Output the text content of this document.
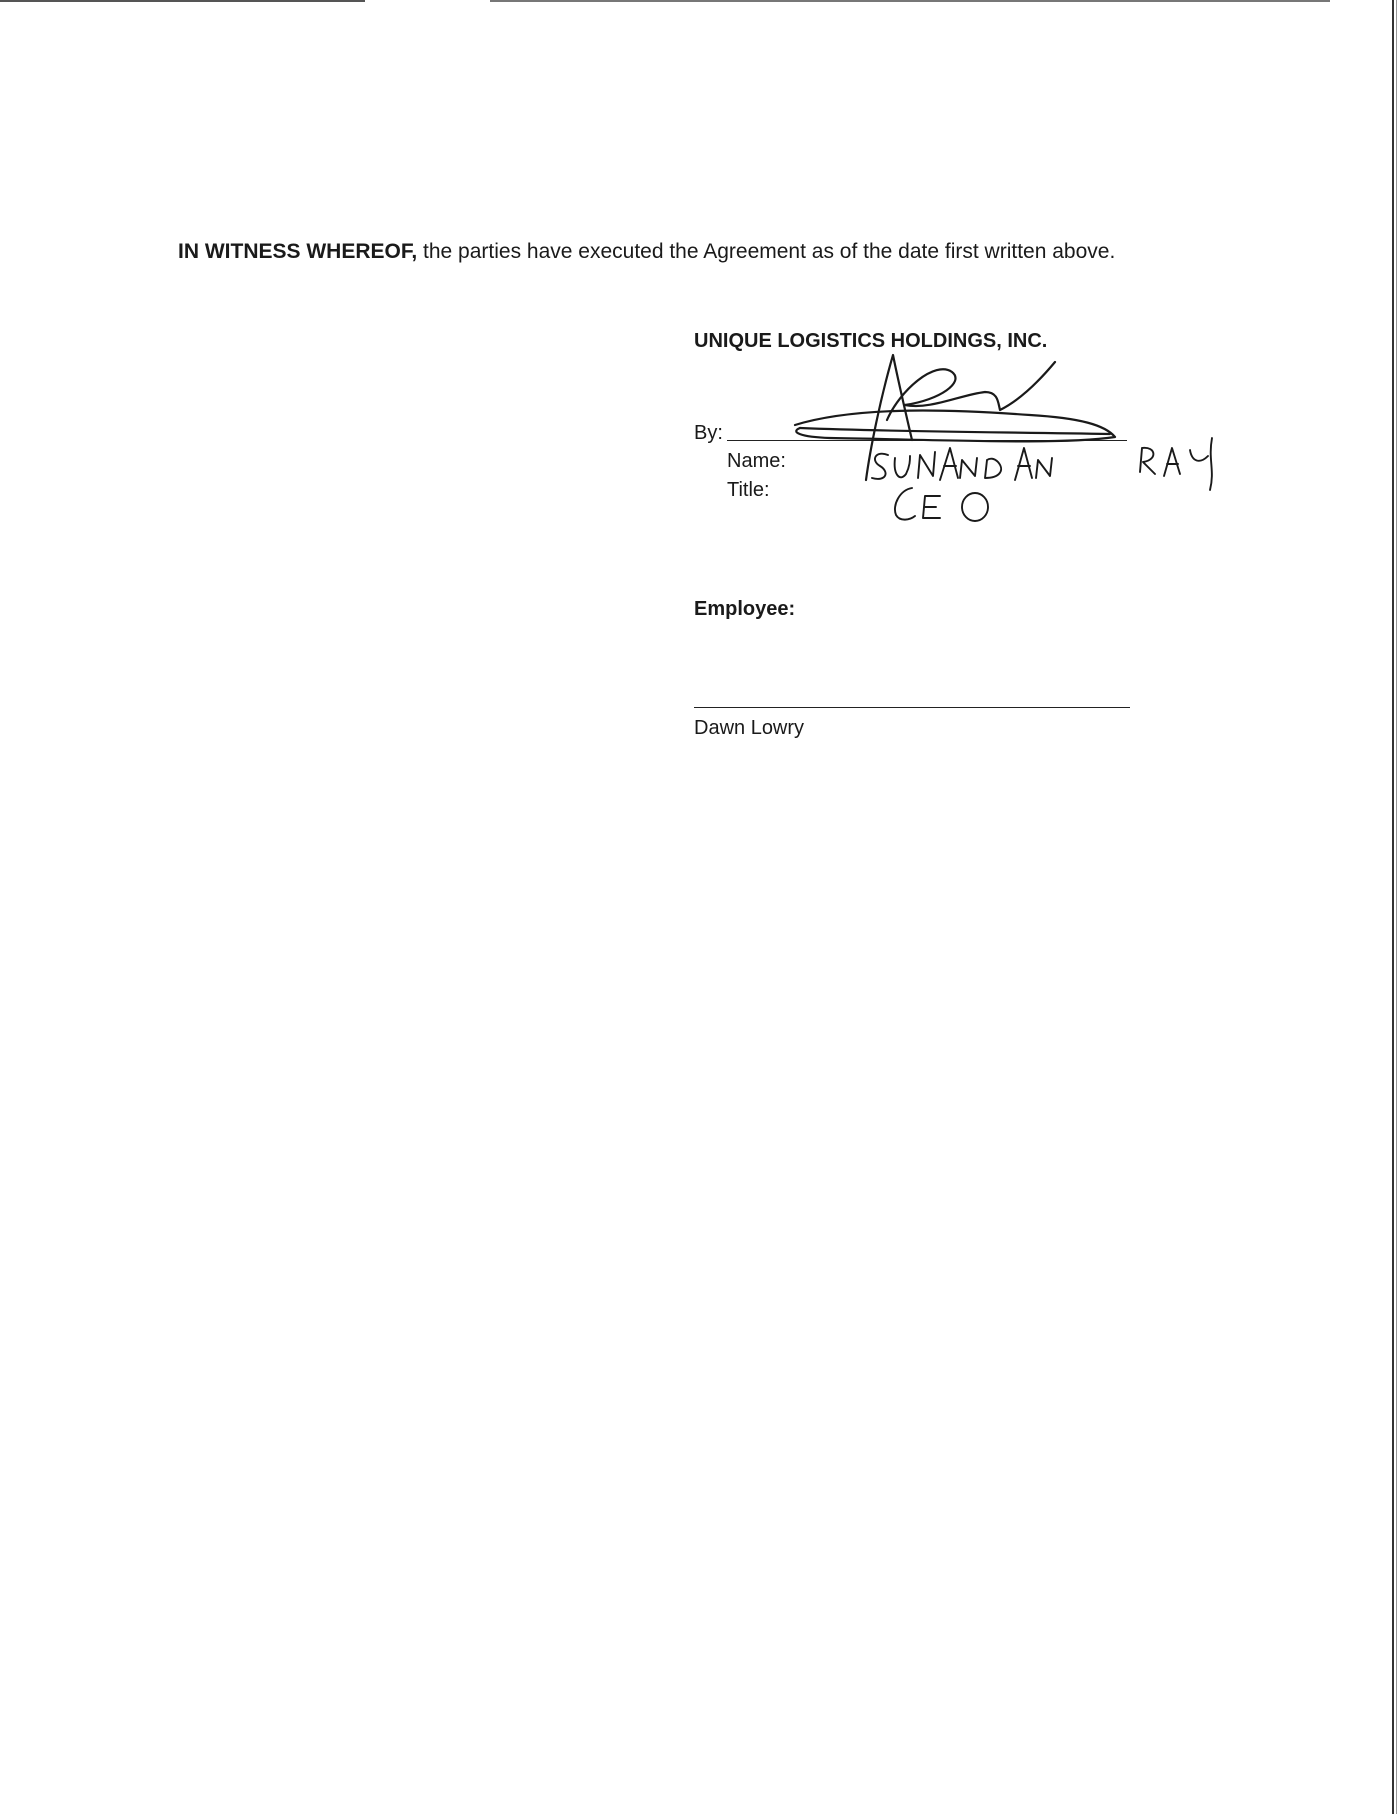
IN WITNESS WHEREOF, the parties have executed the Agreement as of the date first written above.
UNIQUE LOGISTICS HOLDINGS, INC.
By:
Name:
Title:
Employee:
Dawn Lowry
